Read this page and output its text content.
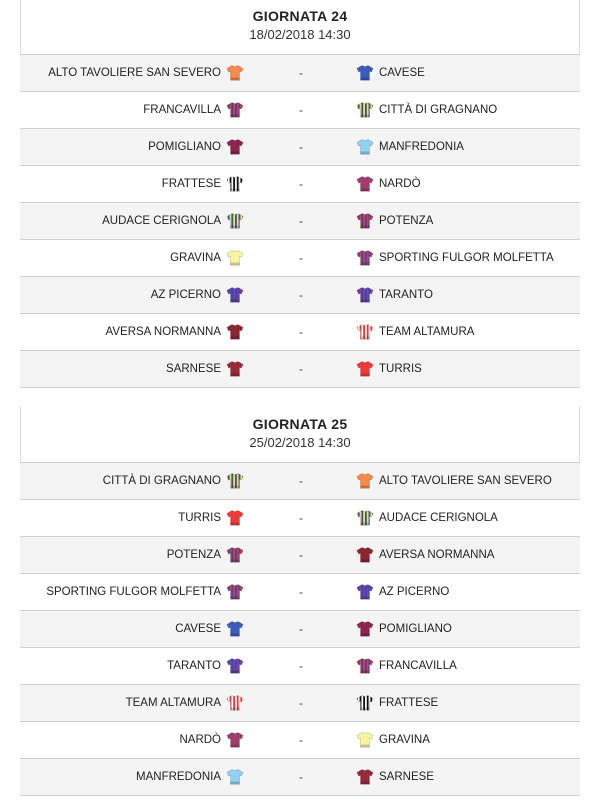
GIORNATA 24
18/02/2018 14:30
ALTO TAVOLIERE SAN SEVERO	-	CAVESE
FRANCAVILLA	-	CITTÀ DI GRAGNANO
POMIGLIANO	-	MANFREDONIA
FRATTESE	-	NARDÒ
AUDACE CERIGNOLA	-	POTENZA
GRAVINA	-	SPORTING FULGOR MOLFETTA
AZ PICERNO	-	TARANTO
AVERSA NORMANNA	-	TEAM ALTAMURA
SARNESE	-	TURRIS
GIORNATA 25
25/02/2018 14:30
CITTÀ DI GRAGNANO	-	ALTO TAVOLIERE SAN SEVERO
TURRIS	-	AUDACE CERIGNOLA
POTENZA	-	AVERSA NORMANNA
SPORTING FULGOR MOLFETTA	-	AZ PICERNO
CAVESE	-	POMIGLIANO
TARANTO	-	FRANCAVILLA
TEAM ALTAMURA	-	FRATTESE
NARDÒ	-	GRAVINA
MANFREDONIA	-	SARNESE
